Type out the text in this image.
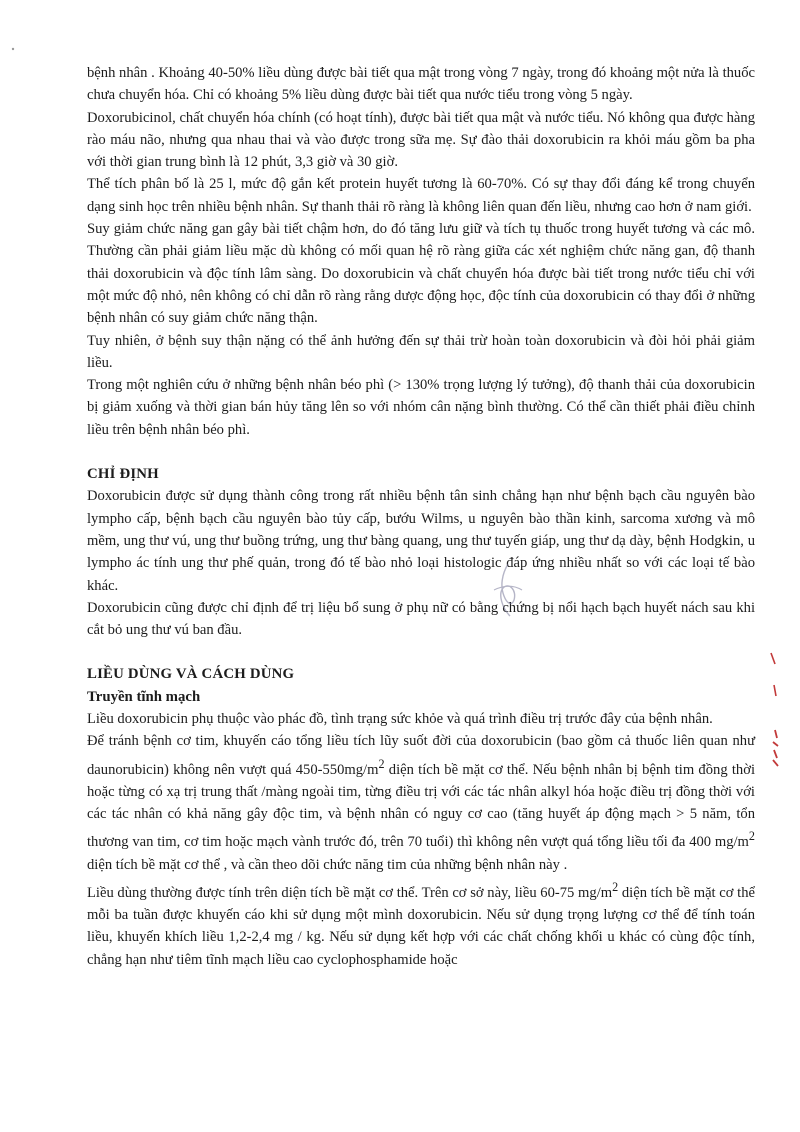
bệnh nhân . Khoảng 40-50% liều dùng được bài tiết qua mật trong vòng 7 ngày, trong đó khoảng một nửa là thuốc chưa chuyển hóa. Chỉ có khoảng 5% liều dùng được bài tiết qua nước tiểu trong vòng 5 ngày.

Doxorubicinol, chất chuyển hóa chính (có hoạt tính), được bài tiết qua mật và nước tiểu. Nó không qua được hàng rào máu não, nhưng qua nhau thai và vào được trong sữa mẹ. Sự đào thải doxorubicin ra khỏi máu gồm ba pha với thời gian trung bình là 12 phút, 3,3 giờ và 30 giờ.

Thể tích phân bố là 25 l, mức độ gắn kết protein huyết tương là 60-70%. Có sự thay đổi đáng kể trong chuyển dạng sinh học trên nhiều bệnh nhân. Sự thanh thải rõ ràng là không liên quan đến liều, nhưng cao hơn ở nam giới.

Suy giảm chức năng gan gây bài tiết chậm hơn, do đó tăng lưu giữ và tích tụ thuốc trong huyết tương và các mô. Thường cần phải giảm liều mặc dù không có mối quan hệ rõ ràng giữa các xét nghiệm chức năng gan, độ thanh thải doxorubicin và độc tính lâm sàng. Do doxorubicin và chất chuyển hóa được bài tiết trong nước tiểu chỉ với một mức độ nhỏ, nên không có chỉ dẫn rõ ràng rằng dược động học, độc tính của doxorubicin có thay đổi ở những bệnh nhân có suy giảm chức năng thận.

Tuy nhiên, ở bệnh suy thận nặng có thể ảnh hưởng đến sự thải trừ hoàn toàn doxorubicin và đòi hỏi phải giảm liều.

Trong một nghiên cứu ở những bệnh nhân béo phì (> 130% trọng lượng lý tưởng), độ thanh thải của doxorubicin bị giảm xuống và thời gian bán hủy tăng lên so với nhóm cân nặng bình thường. Có thể cần thiết phải điều chỉnh liều trên bệnh nhân béo phì.

CHỈ ĐỊNH

Doxorubicin được sử dụng thành công trong rất nhiều bệnh tân sinh chẳng hạn như bệnh bạch cầu nguyên bào lympho cấp, bệnh bạch cầu nguyên bào tủy cấp, bướu Wilms, u nguyên bào thần kinh, sarcoma xương và mô mềm, ung thư vú, ung thư buồng trứng, ung thư bàng quang, ung thư tuyến giáp, ung thư dạ dày, bệnh Hodgkin, u lympho ác tính ung thư phế quản, trong đó tế bào nhỏ loại histologic đáp ứng nhiều nhất so với các loại tế bào khác.

Doxorubicin cũng được chỉ định để trị liệu bổ sung ở phụ nữ có bằng chứng bị nổi hạch bạch huyết nách sau khi cắt bỏ ung thư vú ban đầu.

LIỀU DÙNG VÀ CÁCH DÙNG
Truyền tĩnh mạch

Liều doxorubicin phụ thuộc vào phác đồ, tình trạng sức khỏe và quá trình điều trị trước đây của bệnh nhân.

Để tránh bệnh cơ tim, khuyến cáo tổng liều tích lũy suốt đời của doxorubicin (bao gồm cả thuốc liên quan như daunorubicin) không nên vượt quá $450-550mg/m^2$ diện tích bề mặt cơ thể. Nếu bệnh nhân bị bệnh tim đồng thời hoặc từng có xạ trị trung thất /màng ngoài tim, từng điều trị với các tác nhân alkyl hóa hoặc điều trị đồng thời với các tác nhân có khả năng gây độc tim, và bệnh nhân có nguy cơ cao (tăng huyết áp động mạch > 5 năm, tổn thương van tim, cơ tim hoặc mạch vành trước đó, trên 70 tuổi) thì không nên vượt quá tổng liều tối đa 400 $mg/m^2$ diện tích bề mặt cơ thể , và cần theo dõi chức năng tim của những bệnh nhân này .

Liều dùng thường được tính trên diện tích bề mặt cơ thể. Trên cơ sở này, liều 60-75 $mg/m^2$ diện tích bề mặt cơ thể mỗi ba tuần được khuyến cáo khi sử dụng một mình doxorubicin. Nếu sử dụng trọng lượng cơ thể để tính toán liều, khuyến khích liều 1,2-2,4 mg / kg. Nếu sử dụng kết hợp với các chất chống khối u khác có cùng độc tính, chẳng hạn như tiêm tĩnh mạch liều cao cyclophosphamide hoặc
